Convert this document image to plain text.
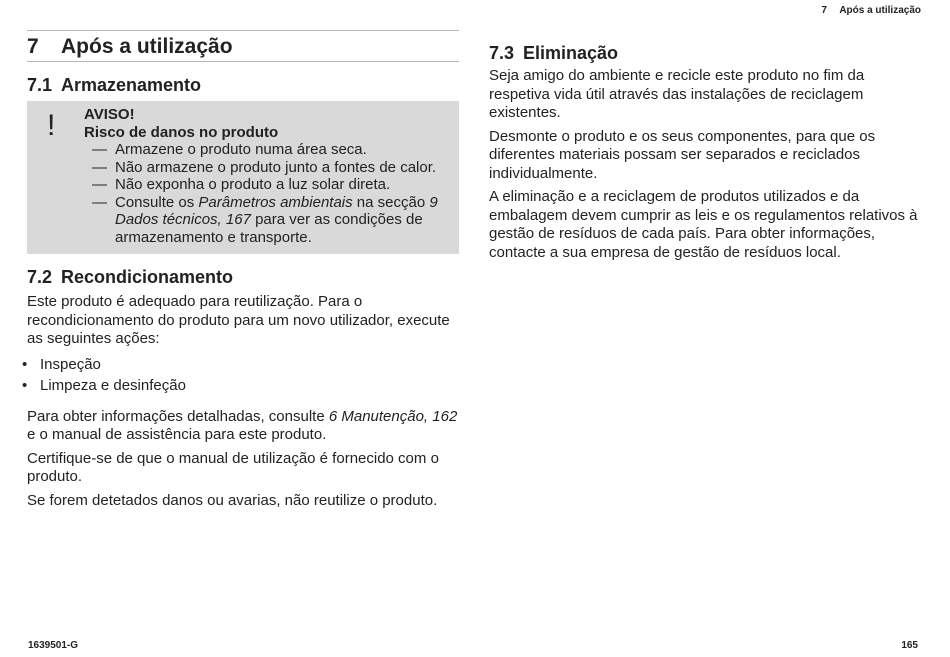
7 Após a utilização
7 Após a utilização
7.1 Armazenamento
! AVISO!
Risco de danos no produto
— Armazene o produto numa área seca.
— Não armazene o produto junto a fontes de calor.
— Não exponha o produto a luz solar direta.
— Consulte os Parâmetros ambientais na secção 9 Dados técnicos, 167 para ver as condições de armazenamento e transporte.
7.2 Recondicionamento

Este produto é adequado para reutilização. Para o recondicionamento do produto para um novo utilizador, execute as seguintes ações:

• Inspeção
• Limpeza e desinfeção

Para obter informações detalhadas, consulte 6 Manutenção, 162 e o manual de assistência para este produto.

Certifique-se de que o manual de utilização é fornecido com o produto.

Se forem detetados danos ou avarias, não reutilize o produto.

7.3 Eliminação

Seja amigo do ambiente e recicle este produto no fim da respetiva vida útil através das instalações de reciclagem existentes.

Desmonte o produto e os seus componentes, para que os diferentes materiais possam ser separados e reciclados individualmente.

A eliminação e a reciclagem de produtos utilizados e da embalagem devem cumprir as leis e os regulamentos relativos à gestão de resíduos de cada país. Para obter informações, contacte a sua empresa de gestão de resíduos local.

1639501-G	165
